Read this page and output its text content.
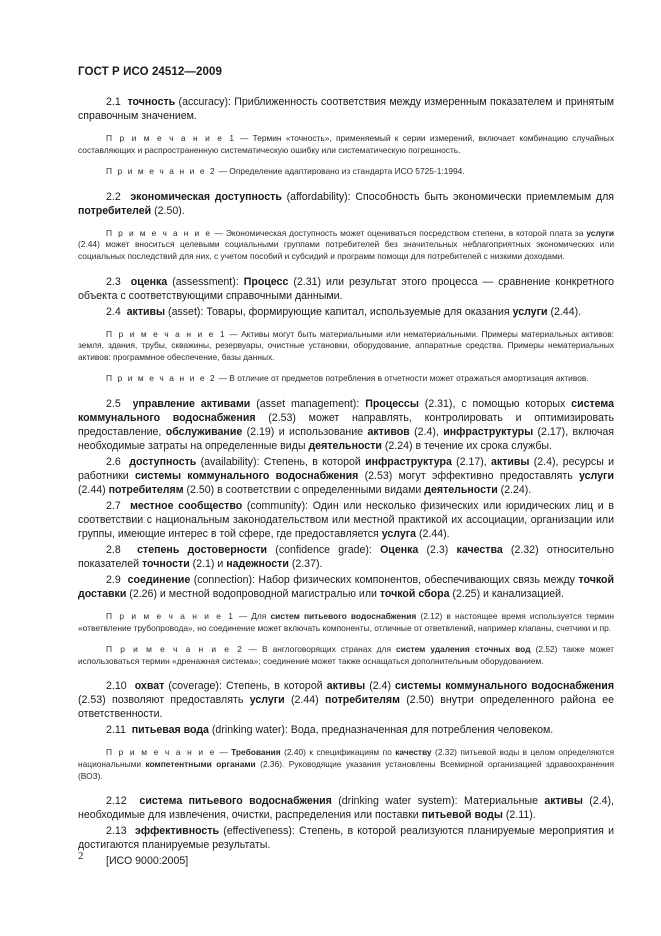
ГОСТ Р ИСО 24512—2009

2.1 точность (accuracy): Приближенность соответствия между измеренным показателем и принятым справочным значением.

П р и м е ч а н и е 1 — Термин «точность», применяемый к серии измерений, включает комбинацию случайных составляющих и распространенную систематическую ошибку или систематическую погрешность.

П р и м е ч а н и е 2 — Определение адаптировано из стандарта ИСО 5725-1:1994.

2.2 экономическая доступность (affordability): Способность быть экономически приемлемым для потребителей (2.50).

П р и м е ч а н и е — Экономическая доступность может оцениваться посредством степени, в которой плата за услуги (2.44) может вноситься целевыми социальными группами потребителей без значительных неблагоприятных экономических или социальных последствий для них, с учетом пособий и субсидий и программ помощи для потребителей с низкими доходами.

2.3 оценка (assessment): Процесс (2.31) или результат этого процесса — сравнение конкретного объекта с соответствующими справочными данными.

2.4 активы (asset): Товары, формирующие капитал, используемые для оказания услуги (2.44).

П р и м е ч а н и е 1 — Активы могут быть материальными или нематериальными. Примеры материальных активов: земля, здания, трубы, скважины, резервуары, очистные установки, оборудование, аппаратные средства. Примеры нематериальных активов: программное обеспечение, базы данных.

П р и м е ч а н и е 2 — В отличие от предметов потребления в отчетности может отражаться амортизация активов.

2.5 управление активами (asset management): Процессы (2.31), с помощью которых система коммунального водоснабжения (2.53) может направлять, контролировать и оптимизировать предоставление, обслуживание (2.19) и использование активов (2.4), инфраструктуры (2.17), включая необходимые затраты на определенные виды деятельности (2.24) в течение их срока службы.

2.6 доступность (availability): Степень, в которой инфраструктура (2.17), активы (2.4), ресурсы и работники системы коммунального водоснабжения (2.53) могут эффективно предоставлять услуги (2.44) потребителям (2.50) в соответствии с определенными видами деятельности (2.24).

2.7 местное сообщество (community): Один или несколько физических или юридических лиц и в соответствии с национальным законодательством или местной практикой их ассоциации, организации или группы, имеющие интерес в той сфере, где предоставляется услуга (2.44).

2.8 степень достоверности (confidence grade): Оценка (2.3) качества (2.32) относительно показателей точности (2.1) и надежности (2.37).

2.9 соединение (connection): Набор физических компонентов, обеспечивающих связь между точкой доставки (2.26) и местной водопроводной магистралью или точкой сбора (2.25) и канализацией.

П р и м е ч а н и е 1 — Для систем питьевого водоснабжения (2.12) в настоящее время используется термин «ответвление трубопровода», но соединение может включать компоненты, отличные от ответвлений, например клапаны, счетчики и пр.

П р и м е ч а н и е 2 — В англоговорящих странах для систем удаления сточных вод (2.52) также может использоваться термин «дренажная система»; соединение может также оснащаться дополнительным оборудованием.

2.10 охват (coverage): Степень, в которой активы (2.4) системы коммунального водоснабжения (2.53) позволяют предоставлять услуги (2.44) потребителям (2.50) внутри определенного района ее ответственности.

2.11 питьевая вода (drinking water): Вода, предназначенная для потребления человеком.

П р и м е ч а н и е — Требования (2.40) к спецификациям по качеству (2.32) питьевой воды в целом определяются национальными компетентными органами (2.36). Руководящие указания установлены Всемирной организацией здравоохранения (ВОЗ).

2.12 система питьевого водоснабжения (drinking water system): Материальные активы (2.4), необходимые для извлечения, очистки, распределения или поставки питьевой воды (2.11).

2.13 эффективность (effectiveness): Степень, в которой реализуются планируемые мероприятия и достигаются планируемые результаты.

[ИСО 9000:2005]
2
